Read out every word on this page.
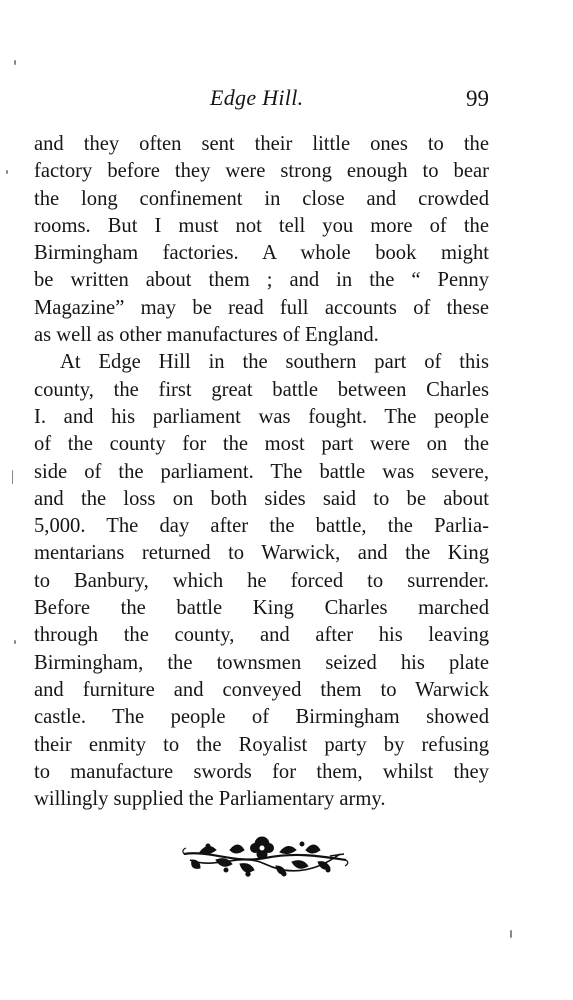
Edge Hill.	99
and they often sent their little ones to the
factory before they were strong enough to bear
the long confinement in close and crowded
rooms. But I must not tell you more of the
Birmingham factories. A whole book might
be written about them ; and in the “ Penny
Magazine” may be read full accounts of these
as well as other manufactures of England.
At Edge Hill in the southern part of this
county, the first great battle between Charles
I. and his parliament was fought. The people
of the county for the most part were on the
side of the parliament. The battle was severe,
and the loss on both sides said to be about
5,000. The day after the battle, the Parlia-
mentarians returned to Warwick, and the King
to Banbury, which he forced to surrender.
Before the battle King Charles marched
through the county, and after his leaving
Birmingham, the townsmen seized his plate
and furniture and conveyed them to Warwick
castle. The people of Birmingham showed
their enmity to the Royalist party by refusing
to manufacture swords for them, whilst they
willingly supplied the Parliamentary army.
